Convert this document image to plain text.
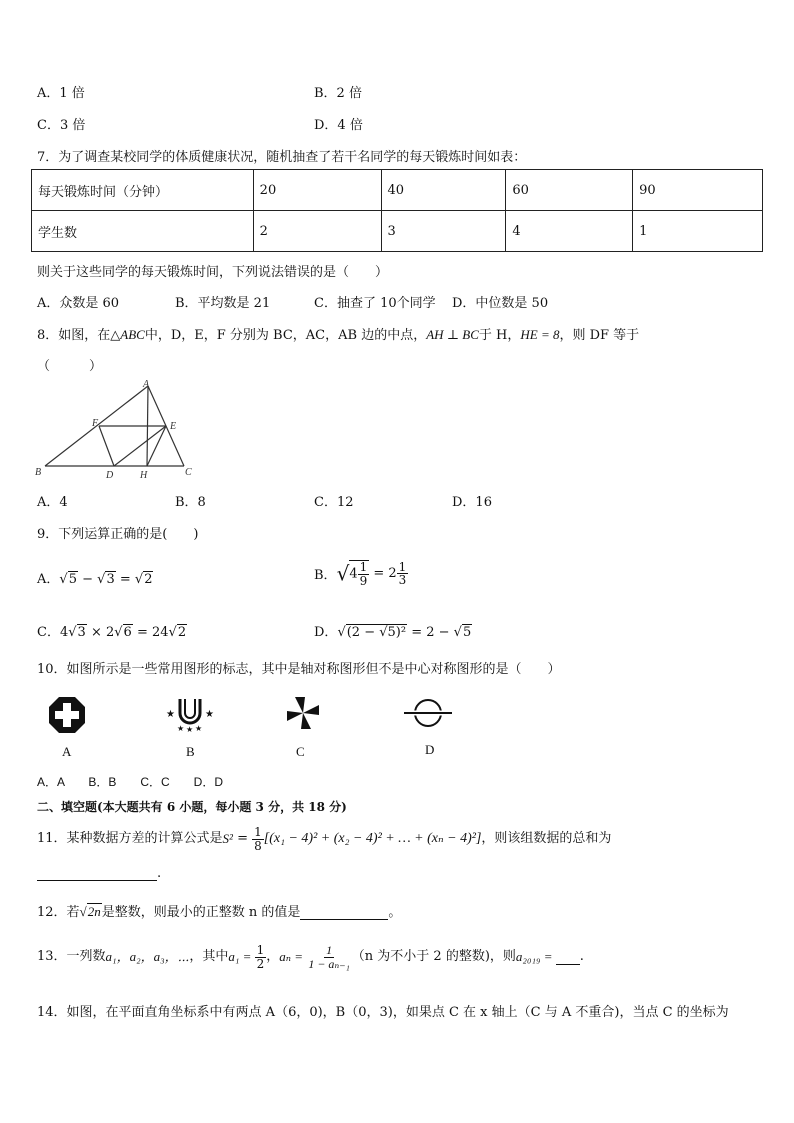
A．1 倍	B．2 倍
C．3 倍	D．4 倍
7．为了调查某校同学的体质健康状况，随机抽查了若干名同学的每天锻炼时间如表：
每天锻炼时间（分钟）	20	40	60	90
学生数	2	3	4	1
则关于这些同学的每天锻炼时间，下列说法错误的是（　　）
A．众数是 60	B．平均数是 21	C．抽查了 10个同学 D．中位数是 50
8．如图，在△ABC中，D，E，F 分别为 BC，AC，AB 边的中点，AH ⊥ BC于 H，HE = 8，则 DF 等于
（　　　）
A
B	C
D
E
F
H
A．4	B．8	C．12	D．16
9．下列运算正确的是(　　)
A．√5 − √3 = √2	B．$√4 \frac{1}{9} = 2 \frac{1}{3}$
C．4√3 × 2√6 = 24√2	D．√(2 − √5)² = 2 − √5
10．如图所示是一些常用图形的标志，其中是轴对称图形但不是中心对称图形的是（　　）
★	★
★ ★ ★
A	B	C	D
A．A　　B．B　　C．C　　D．D
二、填空题(本大题共有 6 小题，每小题 3 分，共 18 分)
11．某种数据方差的计算公式是$S^2 = \frac{1}{8} [(x_1 - 4)^2 + (x_2 - 4)^2$ + … + (xₙ − 4)²]，则该组数据的总和为
.
12．若√2n是整数，则最小的正整数 n 的值是	。
13．一列数a₁，a₂，a₃，⋯，其中$a_1 = \frac{1}{2}$ ，$a_n = \frac{1}{\text{1 − aₙ₋₁}} (n$ 为不小于 2 的整数)，则a₂₀₁₉ = .
14．如图，在平面直角坐标系中有两点 A（6，0)，B（0，3)，如果点 C 在 x 轴上（C 与 A 不重合)，当点 C 的坐标为
